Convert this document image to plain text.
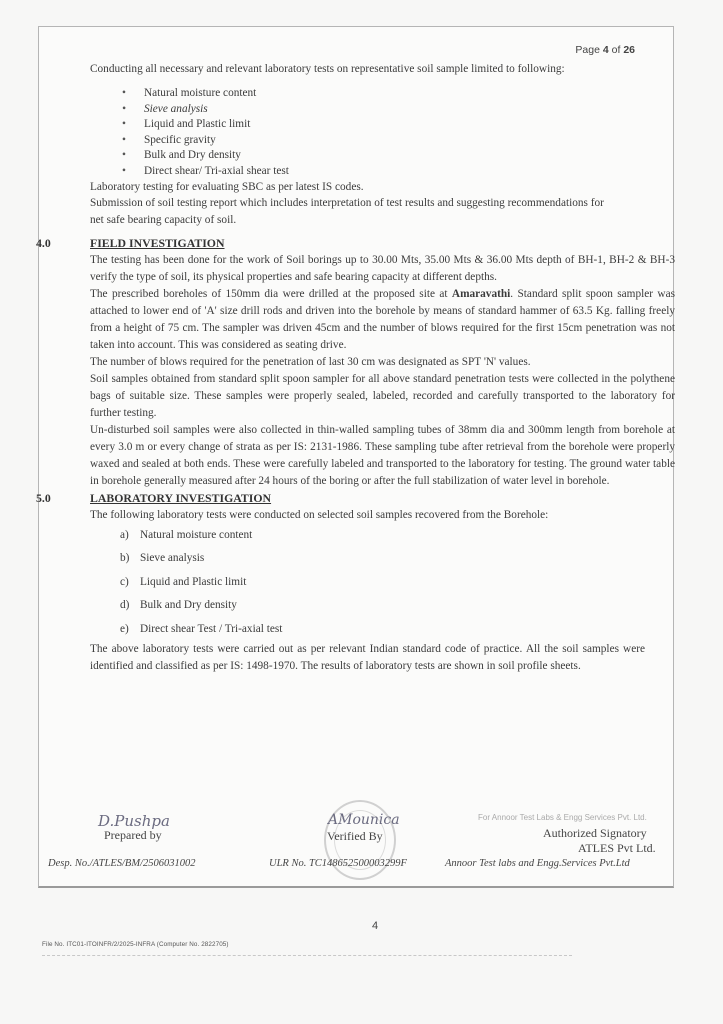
Page 4 of 26

Conducting all necessary and relevant laboratory tests on representative soil sample limited to following:

• Natural moisture content
• Sieve analysis
• Liquid and Plastic limit
• Specific gravity
• Bulk and Dry density
• Direct shear/ Tri-axial shear test

Laboratory testing for evaluating SBC as per latest IS codes.

Submission of soil testing report which includes interpretation of test results and suggesting recommendations for net safe bearing capacity of soil.

4.0	FIELD INVESTIGATION

The testing has been done for the work of Soil borings up to 30.00 Mts, 35.00 Mts & 36.00 Mts depth of BH-1, BH-2 & BH-3 verify the type of soil, its physical properties and safe bearing capacity at different depths.

The prescribed boreholes of 150mm dia were drilled at the proposed site at Amaravathi. Standard split spoon sampler was attached to lower end of 'A' size drill rods and driven into the borehole by means of standard hammer of 63.5 Kg. falling freely from a height of 75 cm. The sampler was driven 45cm and the number of blows required for the first 15cm penetration was not taken into account. This was considered as seating drive.

The number of blows required for the penetration of last 30 cm was designated as SPT 'N' values.

Soil samples obtained from standard split spoon sampler for all above standard penetration tests were collected in the polythene bags of suitable size. These samples were properly sealed, labeled, recorded and carefully transported to the laboratory for further testing.

Un-disturbed soil samples were also collected in thin-walled sampling tubes of 38mm dia and 300mm length from borehole at every 3.0 m or every change of strata as per IS: 2131-1986. These sampling tube after retrieval from the borehole were properly waxed and sealed at both ends. These were carefully labeled and transported to the laboratory for testing. The ground water table in borehole generally measured after 24 hours of the boring or after the full stabilization of water level in borehole.

5.0	LABORATORY INVESTIGATION

The following laboratory tests were conducted on selected soil samples recovered from the Borehole:

a) Natural moisture content
b) Sieve analysis
c) Liquid and Plastic limit
d) Bulk and Dry density
e) Direct shear Test / Tri-axial test

The above laboratory tests were carried out as per relevant Indian standard code of practice. All the soil samples were identified and classified as per IS: 1498-1970. The results of laboratory tests are shown in soil profile sheets.

D.Pushpa
Prepared by
AMounica
Verified By
For Annoor Test Labs & Engg Services Pvt. Ltd.
Authorized Signatory
ATLES Pvt Ltd.
Desp. No./ATLES/BM/2506031002	ULR No. TC148652500003299F	Annoor Test labs and Engg.Services Pvt.Ltd
4
File No. ITC01-ITOINFR/2/2025-INFRA (Computer No. 2822705)
